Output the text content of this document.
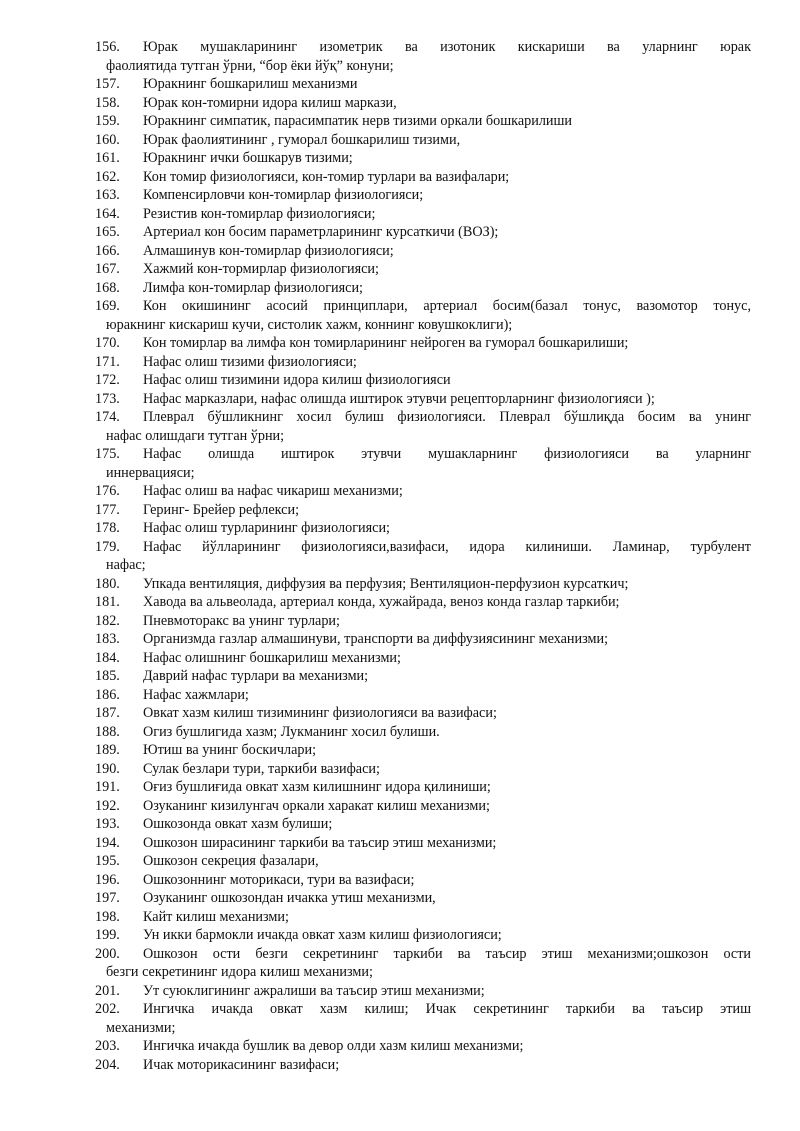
156. Юрак мушакларининг изометрик ва изотоник кискариши ва уларнинг юрак
фаолиятида тутган ўрни, “бор ёки йўқ” конуни;
157. Юракнинг бошкарилиш механизми
158. Юрак кон-томирни идора килиш маркази,
159. Юракнинг симпатик, парасимпатик нерв тизими оркали бошкарилиши
160. Юрак фаолиятининг , гуморал бошкарилиш тизими,
161. Юракнинг ички бошкарув тизими;
162. Кон томир физиологияси, кон-томир турлари ва вазифалари;
163. Компенсирловчи кон-томирлар физиологияси;
164. Резистив кон-томирлар физиологияси;
165. Артериал кон босим параметрларининг курсаткичи (ВОЗ);
166. Алмашинув кон-томирлар физиологияси;
167. Хажмий кон-тормирлар физиологияси;
168. Лимфа кон-томирлар физиологияси;
169. Кон окишининг асосий принциплари, артериал босим(базал тонус, вазомотор тонус,
юракнинг кискариш кучи, систолик хажм, коннинг ковушкоклиги);
170. Кон томирлар ва лимфа кон томирларининг нейроген ва гуморал бошкарилиши;
171. Нафас олиш тизими физиологияси;
172. Нафас олиш тизимини идора килиш физиологияси
173. Нафас марказлари, нафас олишда иштирок этувчи рецепторларнинг физиологияси );
174. Плеврал бўшликнинг хосил булиш физиологияси. Плеврал бўшлиқда босим ва унинг
нафас олишдаги тутган ўрни;
175. Нафас олишда иштирок этувчи мушакларнинг физиологияси ва уларнинг
иннервацияси;
176. Нафас олиш ва нафас чикариш механизми;
177. Геринг- Брейер рефлекси;
178. Нафас олиш турларининг физиологияси;
179. Нафас йўлларининг физиологияси,вазифаси, идора килиниши. Ламинар, турбулент
нафас;
180. Упкада вентиляция, диффузия ва перфузия; Вентиляцион-перфузион курсаткич;
181. Хавода ва альвеолада, артериал конда, хужайрада, веноз конда газлар таркиби;
182. Пневмоторакс ва унинг турлари;
183. Организмда газлар алмашинуви, транспорти ва диффузиясининг механизми;
184. Нафас олишнинг бошкарилиш механизми;
185. Даврий нафас турлари ва механизми;
186. Нафас хажмлари;
187. Овкат хазм килиш тизимининг физиологияси ва вазифаси;
188. Огиз бушлигида хазм; Лукманинг хосил булиши.
189. Ютиш ва унинг боскичлари;
190. Сулак безлари тури, таркиби вазифаси;
191. Оғиз бушлиғида овкат хазм килишнинг идора қилиниши;
192. Озуканинг кизилунгач оркали харакат килиш механизми;
193. Ошкозонда овкат хазм булиши;
194. Ошкозон ширасининг таркиби ва таъсир этиш механизми;
195. Ошкозон секреция фазалари,
196. Ошкозоннинг моторикаси, тури ва вазифаси;
197. Озуканинг ошкозондан ичакка утиш механизми,
198. Кайт килиш механизми;
199. Ун икки бармокли ичакда овкат хазм килиш физиологияси;
200. Ошкозон ости безги секретининг таркиби ва таъсир этиш механизми;ошкозон ости
безги секретининг идора килиш механизми;
201. Ут суюклигининг ажралиши ва таъсир этиш механизми;
202. Ингичка ичакда овкат хазм килиш; Ичак секретининг таркиби ва таъсир этиш
механизми;
203. Ингичка ичакда бушлик ва девор олди хазм килиш механизми;
204. Ичак моторикасининг вазифаси;
